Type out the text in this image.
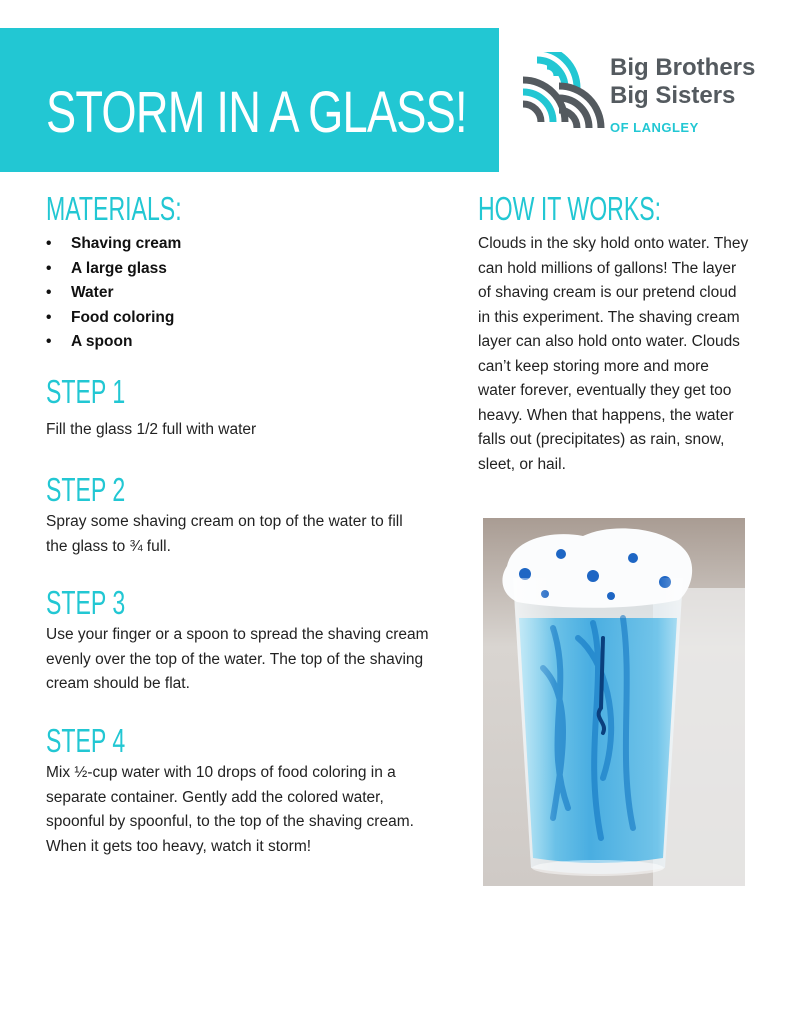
STORM IN A GLASS!
Big Brothers
Big Sisters
OF LANGLEY
MATERIALS:
• Shaving cream
• A large glass
• Water
• Food coloring
• A spoon
STEP 1

Fill the glass 1/2 full with water

STEP 2

Spray some shaving cream on top of the water to fill the glass to ¾ full.

STEP 3

Use your finger or a spoon to spread the shaving cream evenly over the top of the water. The top of the shaving cream should be flat.

STEP 4

Mix ½-cup water with 10 drops of food coloring in a separate container. Gently add the colored water, spoonful by spoonful, to the top of the shaving cream. When it gets too heavy, watch it storm!

HOW IT WORKS:

Clouds in the sky hold onto water. They can hold millions of gallons! The layer of shaving cream is our pretend cloud in this experiment. The shaving cream layer can also hold onto water. Clouds can’t keep storing more and more water forever, eventually they get too heavy. When that happens, the water falls out (precipitates) as rain, snow, sleet, or hail.
